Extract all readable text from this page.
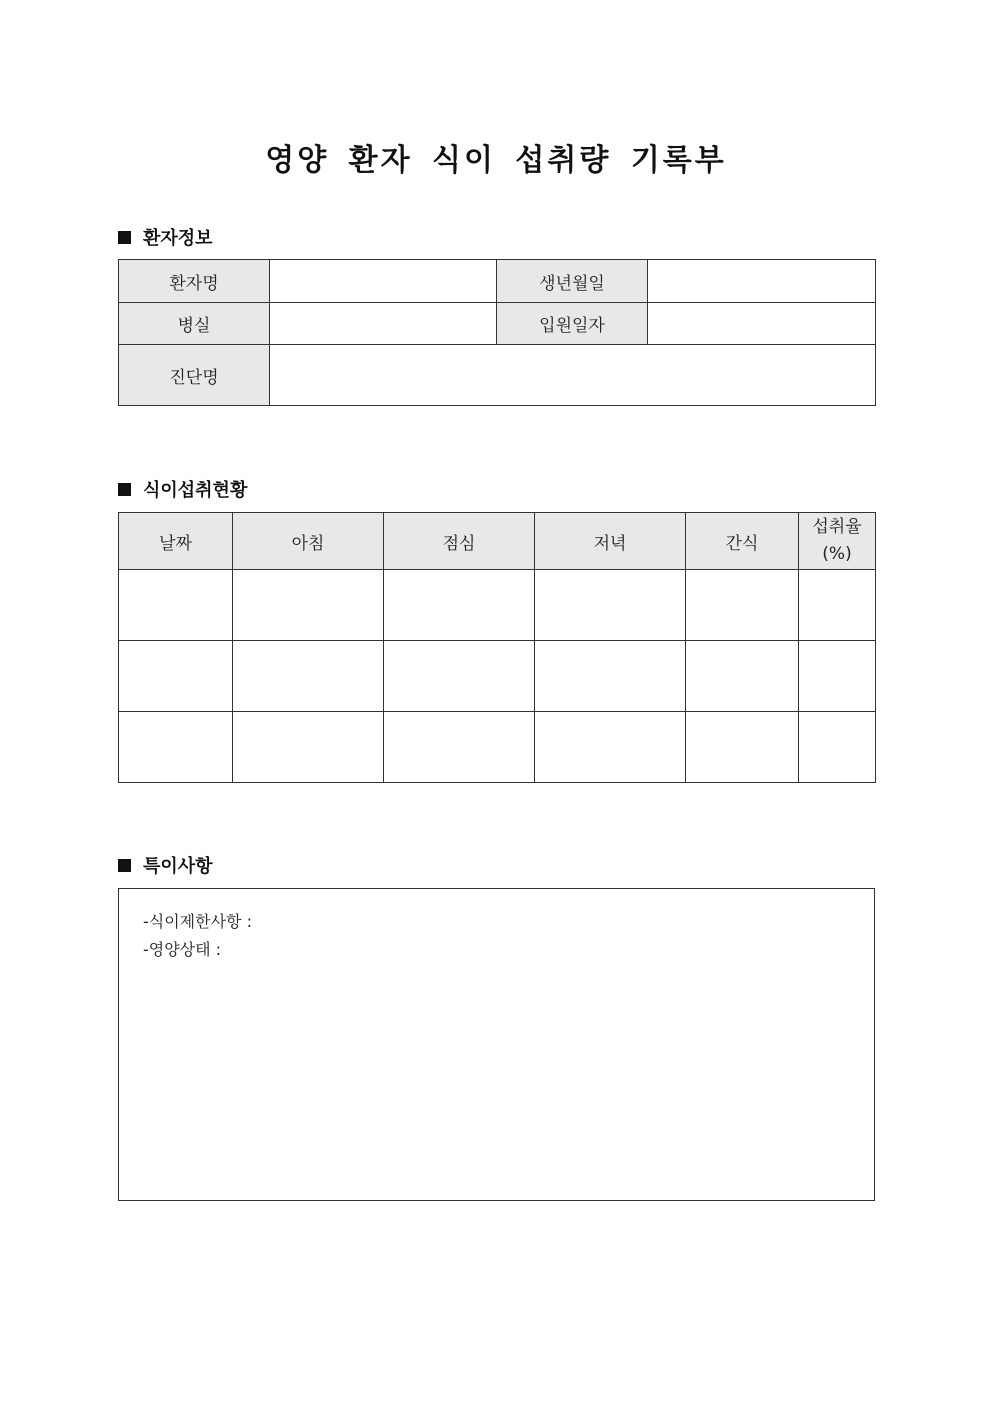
영양 환자 식이 섭취량 기록부
환자정보
환자명		생년월일	
병실		입원일자	
진단명			
식이섭취현황
날짜	아침	점심	저녁	간식	섭취율(%)

특이사항
-식이제한사항 :
-영양상태 :
